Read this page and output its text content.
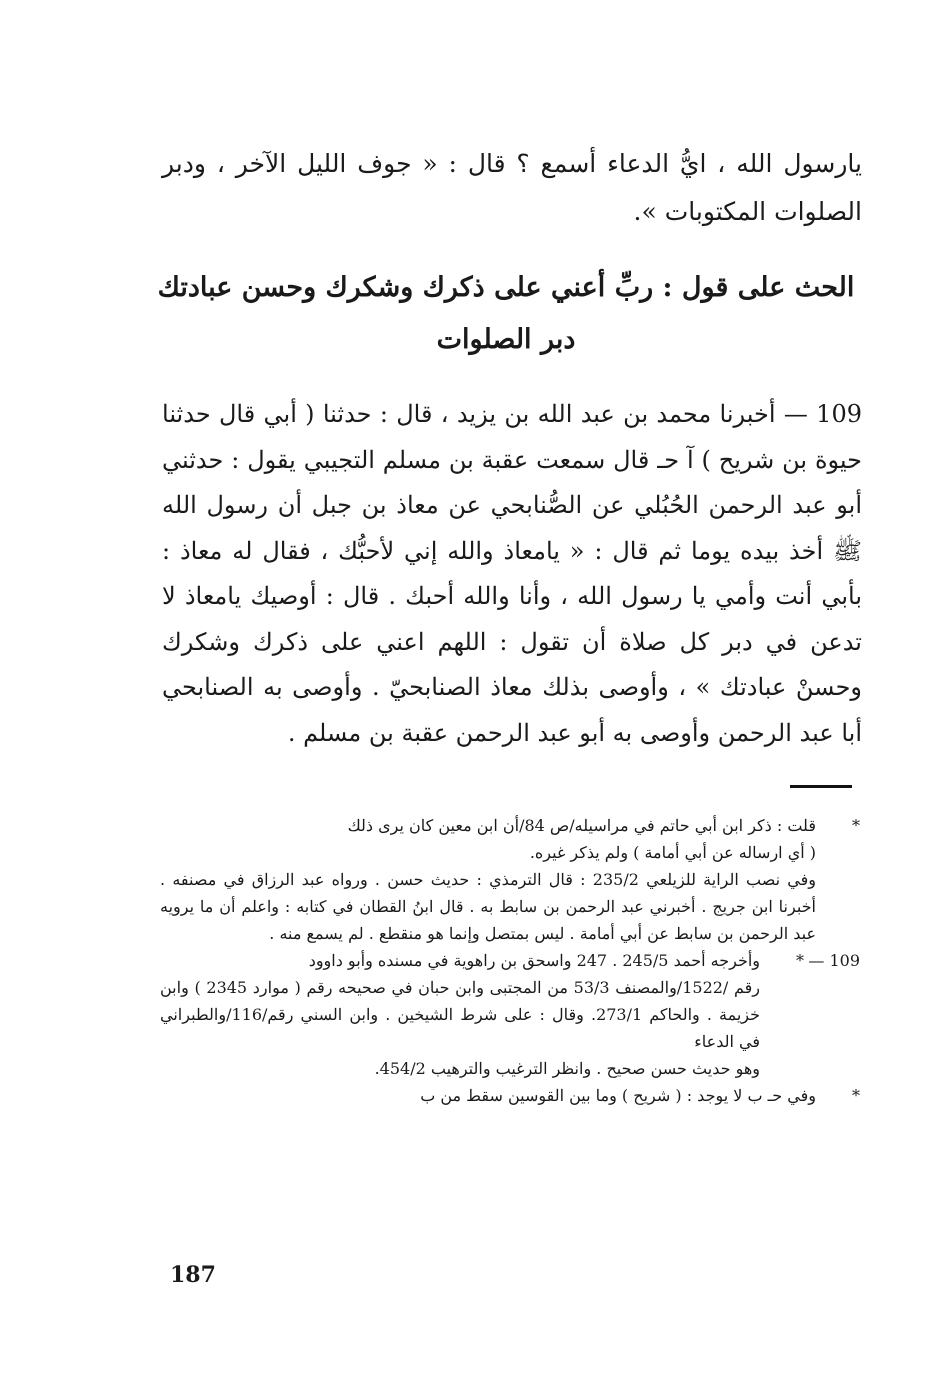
يارسول الله ، ايُّ الدعاء أسمع ؟ قال : « جوف الليل الآخر ، ودبر الصلوات المكتوبات ».
الحث على قول : ربِّ أعني على ذكرك وشكرك وحسن عبادتك
دبر الصلوات
109 — أخبرنا محمد بن عبد الله بن يزيد ، قال : حدثنا ( أبي قال حدثنا حيوة بن شريح ) آ حـ قال سمعت عقبة بن مسلم التجيبي يقول : حدثني أبو عبد الرحمن الحُبُلي عن الصُّنابحي عن معاذ بن جبل أن رسول الله ﷺ أخذ بيده يوما ثم قال : « يامعاذ والله إني لأحبُّك ، فقال له معاذ : بأبي أنت وأمي يا رسول الله ، وأنا والله أحبك . قال : أوصيك يامعاذ لا تدعن في دبر كل صلاة أن تقول : اللهم اعني على ذكرك وشكرك وحسنْ عبادتك » ، وأوصى بذلك معاذ الصنابحيّ . وأوصى به الصنابحي أبا عبد الرحمن وأوصى به أبو عبد الرحمن عقبة بن مسلم .
*
قلت : ذكر ابن أبي حاتم في مراسيله/ص 84/أن ابن معين كان يرى ذلك
( أي ارساله عن أبي أمامة ) ولم يذكر غيره.
وفي نصب الراية للزيلعي 235/2 : قال الترمذي : حديث حسن . ورواه عبد الرزاق في مصنفه . أخبرنا ابن جريج . أخبرني عبد الرحمن بن سابط به . قال ابنُ القطان في كتابه : واعلم أن ما يرويه عبد الرحمن بن سابط عن أبي أمامة . ليس بمتصل وإنما هو منقطع . لم يسمع منه .
109 —
*
وأخرجه أحمد 245/5 . 247 واسحق بن راهوية في مسنده وأبو داوود
رقم /1522/والمصنف 53/3 من المجتبى وابن حبان في صحيحه رقم ( موارد 2345 ) وابن خزيمة . والحاكم 273/1. وقال : على شرط الشيخين . وابن السني رقم/116/والطبراني في الدعاء
وهو حديث حسن صحيح . وانظر الترغيب والترهيب 454/2.
*
وفي حـ ب لا يوجد : ( شريح ) وما بين القوسين سقط من ب
187
